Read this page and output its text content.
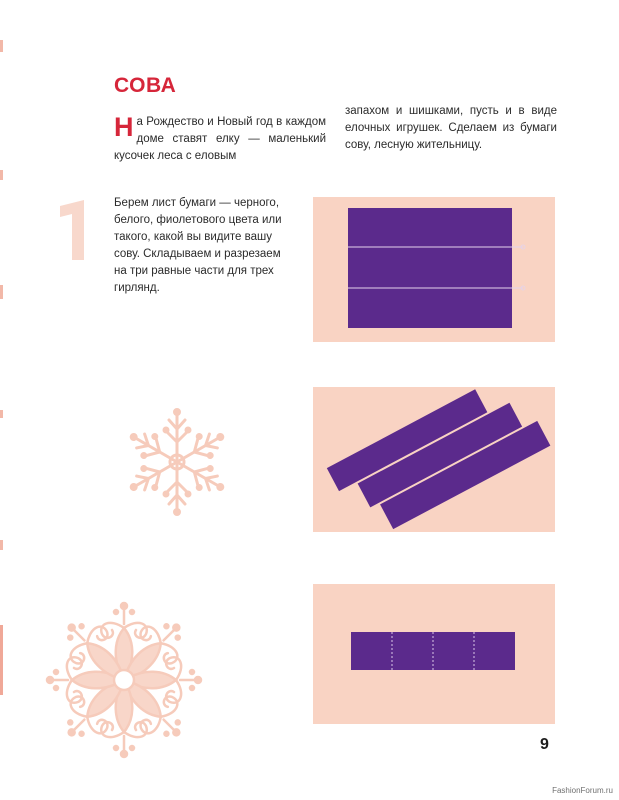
СОВА
На Рождество и Новый год в каждом доме ставят елку — маленький кусочек леса с еловым
запахом и шишками, пусть и в виде елочных игрушек. Сделаем из бумаги сову, лесную жительницу.
Берем лист бумаги — черного, белого, фиолетового цвета или такого, какой вы видите вашу сову. Складываем и разрезаем на три равные части для трех гирлянд.
9
FashionForum.ru
